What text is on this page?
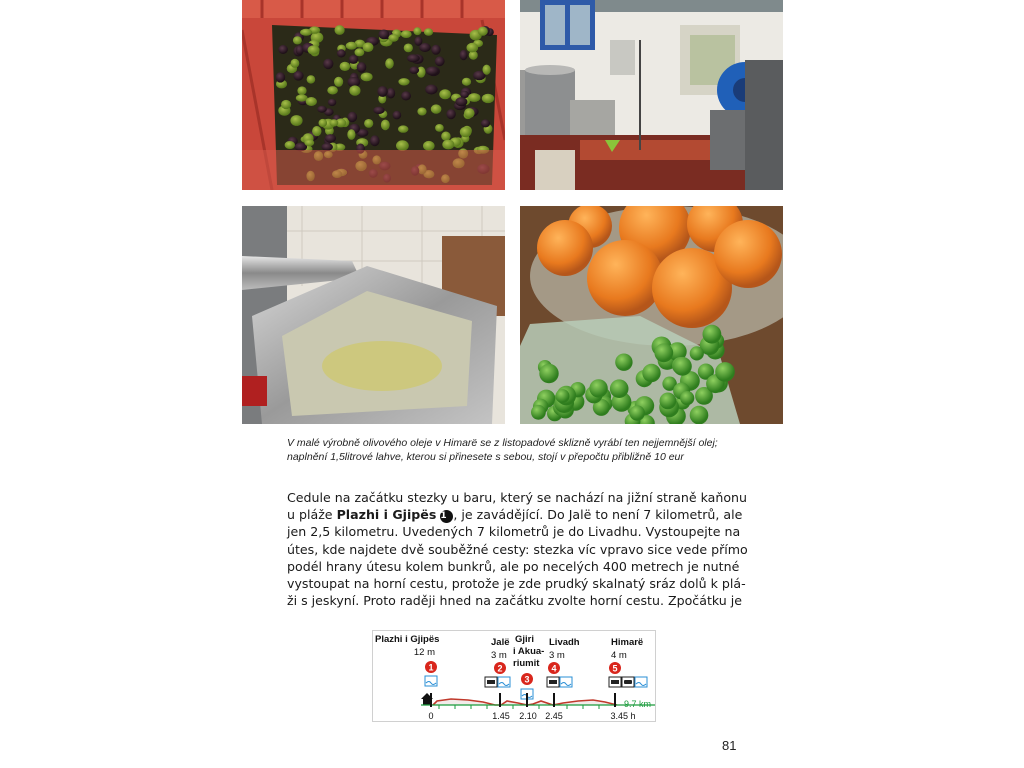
V malé výrobně olivového oleje v Himarë se z listopadové sklizně vyrábí ten nejjemnější olej;
naplnění 1,5litrové lahve, kterou si přinesete s sebou, stojí v přepočtu přibližně 10 eur
Cedule na začátku stezky u baru, který se nachází na jižní straně kaňonu
u pláže Plazhi i Gjipës 1 , je zavádějící. Do Jalë to není 7 kilometrů, ale
jen 2,5 kilometru. Uvedených 7 kilometrů je do Livadhu. Vystoupejte na
útes, kde najdete dvě souběžné cesty: stezka víc vpravo sice vede přímo
podél hrany útesu kolem bunkrů, ale po necelých 400 metrech je nutné
vystoupat na horní cestu, protože je zde prudký skalnatý sráz dolů k plá-
ži s jeskyní. Proto raději hned na začátku zvolte horní cestu. Zpočátku je
Plazhi i Gjipës
12 m
Jalë
3 m
Gjiri
i Akua-
riumit
Livadh
3 m
Himarë
4 m
1	2
3
4	5
9.7 km
0	1.45 2.10 2.45	3.45 h
81
